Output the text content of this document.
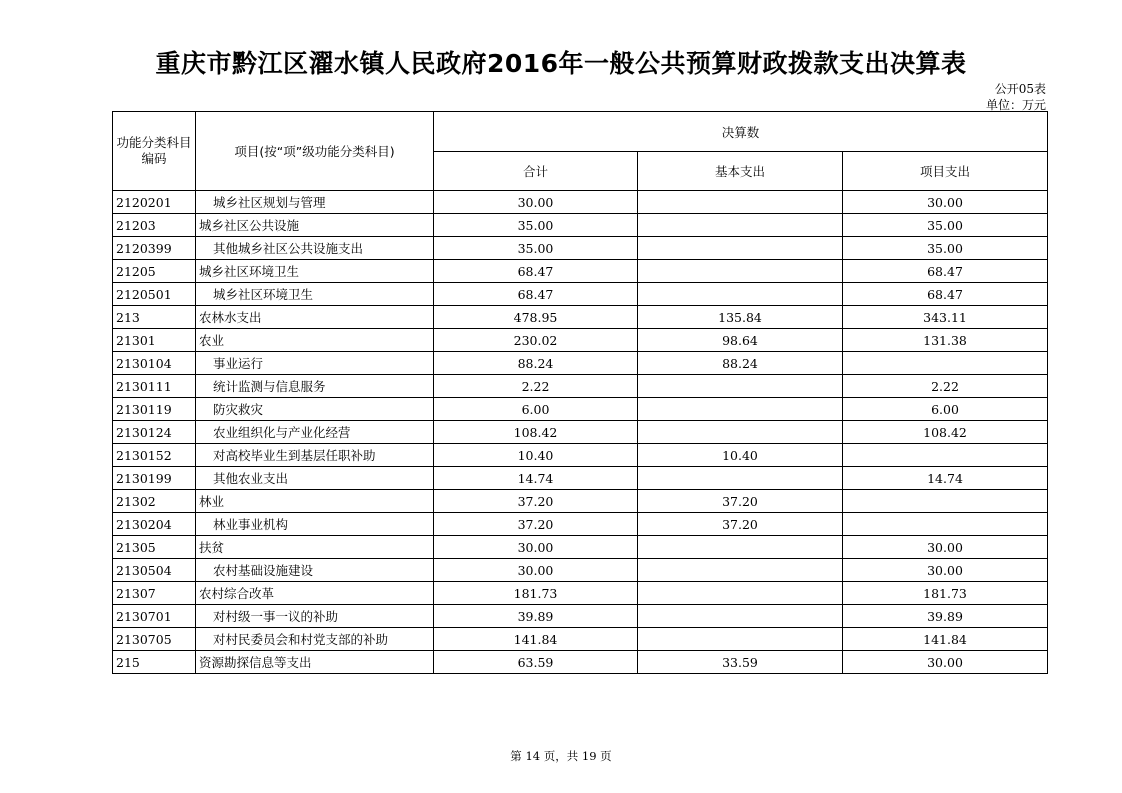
重庆市黔江区濯水镇人民政府2016年一般公共预算财政拨款支出决算表
公开05表
单位：万元
功能分类科目编码	项目(按“项”级功能分类科目)	决算数		
		合计	基本支出	项目支出
2120201	城乡社区规划与管理	30.00		30.00
21203	城乡社区公共设施	35.00		35.00
2120399	其他城乡社区公共设施支出	35.00		35.00
21205	城乡社区环境卫生	68.47		68.47
2120501	城乡社区环境卫生	68.47		68.47
213	农林水支出	478.95	135.84	343.11
21301	农业	230.02	98.64	131.38
2130104	事业运行	88.24	88.24	
2130111	统计监测与信息服务	2.22		2.22
2130119	防灾救灾	6.00		6.00
2130124	农业组织化与产业化经营	108.42		108.42
2130152	对高校毕业生到基层任职补助	10.40	10.40	
2130199	其他农业支出	14.74		14.74
21302	林业	37.20	37.20	
2130204	林业事业机构	37.20	37.20	
21305	扶贫	30.00		30.00
2130504	农村基础设施建设	30.00		30.00
21307	农村综合改革	181.73		181.73
2130701	对村级一事一议的补助	39.89		39.89
2130705	对村民委员会和村党支部的补助	141.84		141.84
215	资源勘探信息等支出	63.59	33.59	30.00
第 14 页，共 19 页
